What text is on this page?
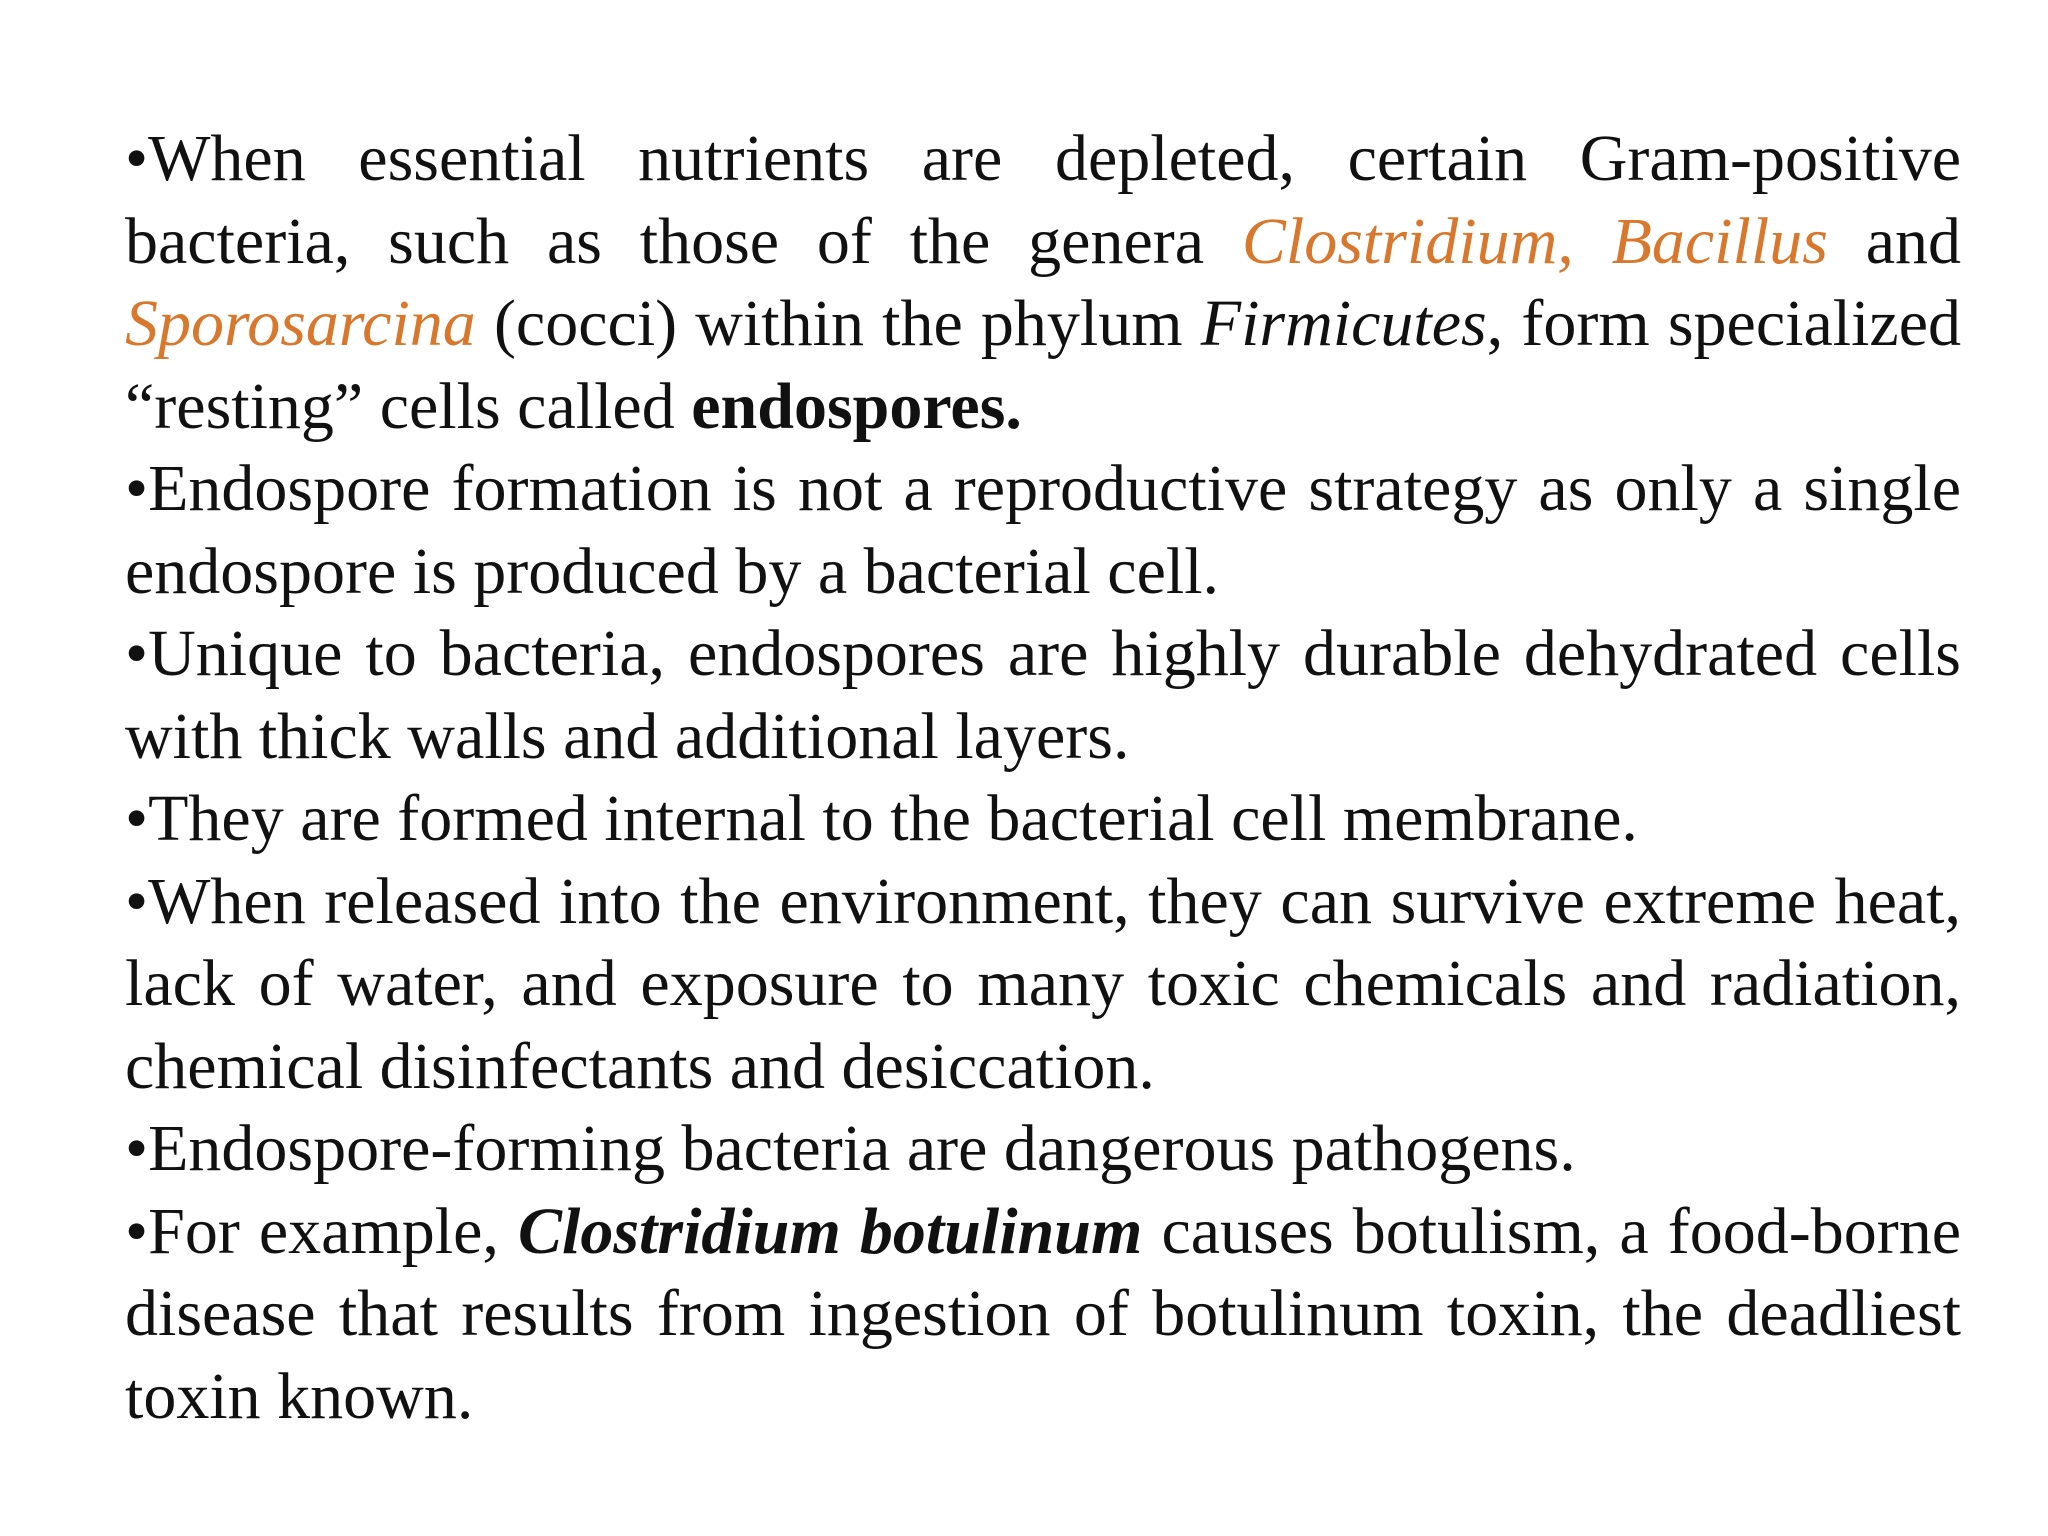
•When essential nutrients are depleted, certain Gram-positive bacteria, such as those of the genera Clostridium, Bacillus and Sporosarcina (cocci) within the phylum Firmicutes, form specialized “resting” cells called endospores.

•Endospore formation is not a reproductive strategy as only a single endospore is produced by a bacterial cell.

•Unique to bacteria, endospores are highly durable dehydrated cells with thick walls and additional layers.

•They are formed internal to the bacterial cell membrane.

•When released into the environment, they can survive extreme heat, lack of water, and exposure to many toxic chemicals and radiation, chemical disinfectants and desiccation.

•Endospore-forming bacteria are dangerous pathogens.

•For example, Clostridium botulinum causes botulism, a food-borne disease that results from ingestion of botulinum toxin, the deadliest toxin known.
